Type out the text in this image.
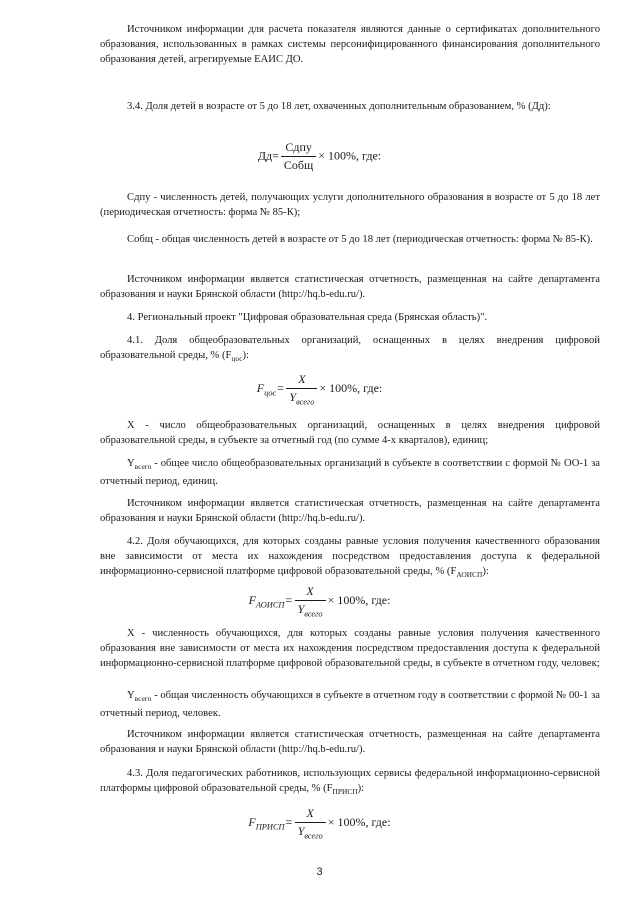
Источником информации для расчета показателя являются данные о сертификатах дополнительного образования, использованных в рамках системы персонифицированного финансирования дополнительного образования детей, агрегируемые ЕАИС ДО.

3.4. Доля детей в возрасте от 5 до 18 лет, охваченных дополнительным образованием, % (Дд):

$Дд= \frac{\text{Сдпу}}{\text{Собщ}} \times 100\%$, где:

Сдпу - численность детей, получающих услуги дополнительного образования в возрасте от 5 до 18 лет (периодическая отчетность: форма № 85-К);

Собщ - общая численность детей в возрасте от 5 до 18 лет (периодическая отчетность: форма № 85-К).

Источником информации является статистическая отчетность, размещенная на сайте департамента образования и науки Брянской области (http://hq.b-edu.ru/).

4. Региональный проект "Цифровая образовательная среда (Брянская область)".

4.1. Доля общеобразовательных организаций, оснащенных в целях внедрения цифровой образовательной среды, % $(F_{цос})$:

$F_{цос}= \frac{X}{Y_{всего}} \times 100\%$, где:

X - число общеобразовательных организаций, оснащенных в целях внедрения цифровой образовательной среды, в субъекте за отчетный год (по сумме 4-х кварталов), единиц;

$Y_{всего}$ - общее число общеобразовательных организаций в субъекте в соответствии с формой № ОО-1 за отчетный период, единиц.

Источником информации является статистическая отчетность, размещенная на сайте департамента образования и науки Брянской области (http://hq.b-edu.ru/).

4.2. Доля обучающихся, для которых созданы равные условия получения качественного образования вне зависимости от места их нахождения посредством предоставления доступа к федеральной информационно-сервисной платформе цифровой образовательной среды, % $(F_{АОИСП})$:

$F_{АОИСП}= \frac{X}{Y_{всего}} \times 100\%$, где:

X - численность обучающихся, для которых созданы равные условия получения качественного образования вне зависимости от места их нахождения посредством предоставления доступа к федеральной информационно-сервисной платформе цифровой образовательной среды, в субъекте в отчетном году, человек;

$Y_{всего}$ - общая численность обучающихся в субъекте в отчетном году в соответствии с формой № 00-1 за отчетный период, человек.

Источником информации является статистическая отчетность, размещенная на сайте департамента образования и науки Брянской области (http://hq.b-edu.ru/).

4.3. Доля педагогических работников, использующих сервисы федеральной информационно-сервисной платформы цифровой образовательной среды, % $(F_{ПРИСП})$:

$F_{ПРИСП}= \frac{X}{Y_{всего}} \times 100\%$, где:
3
